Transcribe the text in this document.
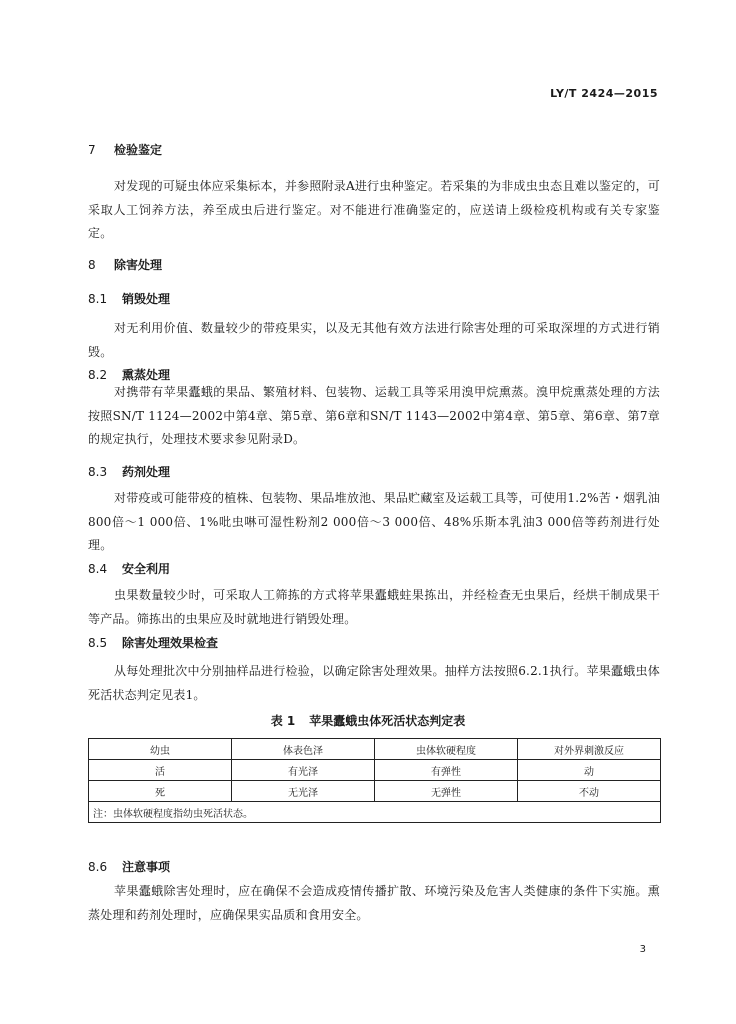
LY/T 2424—2015
7 检验鉴定
对发现的可疑虫体应采集标本，并参照附录A进行虫种鉴定。若采集的为非成虫虫态且难以鉴定的，可采取人工饲养方法，养至成虫后进行鉴定。对不能进行准确鉴定的，应送请上级检疫机构或有关专家鉴定。
8 除害处理
8.1 销毁处理
对无利用价值、数量较少的带疫果实，以及无其他有效方法进行除害处理的可采取深埋的方式进行销毁。
8.2 熏蒸处理
对携带有苹果蠹蛾的果品、繁殖材料、包装物、运载工具等采用溴甲烷熏蒸。溴甲烷熏蒸处理的方法按照SN/T 1124—2002中第4章、第5章、第6章和SN/T 1143—2002中第4章、第5章、第6章、第7章的规定执行，处理技术要求参见附录D。
8.3 药剂处理
对带疫或可能带疫的植株、包装物、果品堆放池、果品贮藏室及运载工具等，可使用1.2%苦・烟乳油800倍～1 000倍、1%吡虫啉可湿性粉剂2 000倍～3 000倍、48%乐斯本乳油3 000倍等药剂进行处理。
8.4 安全利用
虫果数量较少时，可采取人工筛拣的方式将苹果蠹蛾蛀果拣出，并经检查无虫果后，经烘干制成果干等产品。筛拣出的虫果应及时就地进行销毁处理。
8.5 除害处理效果检查
从每处理批次中分别抽样品进行检验，以确定除害处理效果。抽样方法按照6.2.1执行。苹果蠹蛾虫体死活状态判定见表1。
表 1 苹果蠹蛾虫体死活状态判定表
幼虫	体表色泽	虫体软硬程度	对外界刺激反应
活	有光泽	有弹性	动
死	无光泽	无弹性	不动
注：虫体软硬程度指幼虫死活状态。			
8.6 注意事项
苹果蠹蛾除害处理时，应在确保不会造成疫情传播扩散、环境污染及危害人类健康的条件下实施。熏蒸处理和药剂处理时，应确保果实品质和食用安全。
3
